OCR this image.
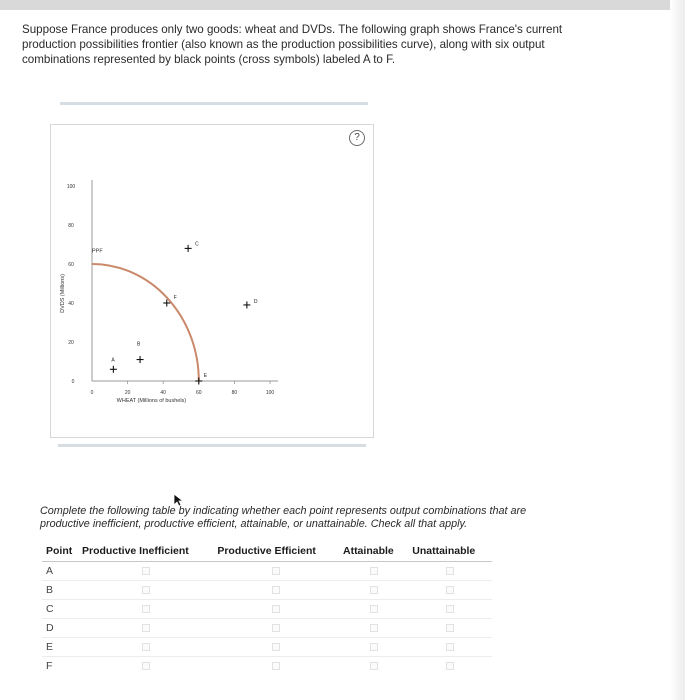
Suppose France produces only two goods: wheat and DVDs. The following graph shows France's current production possibilities frontier (also known as the production possibilities curve), along with six output combinations represented by black points (cross symbols) labeled A to F.
?
0	20	40	60	80	100
0
20
40
60
80
100
WHEAT (Millions of bushels)
DVDS (Millions)
PPF
A
B
C
D
E
F
Complete the following table by indicating whether each point represents output combinations that are productive inefficient, productive efficient, attainable, or unattainable. Check all that apply.
Point	Productive Inefficient	Productive Efficient	Attainable	Unattainable
A	

B	

C	

D	

E	

F	
